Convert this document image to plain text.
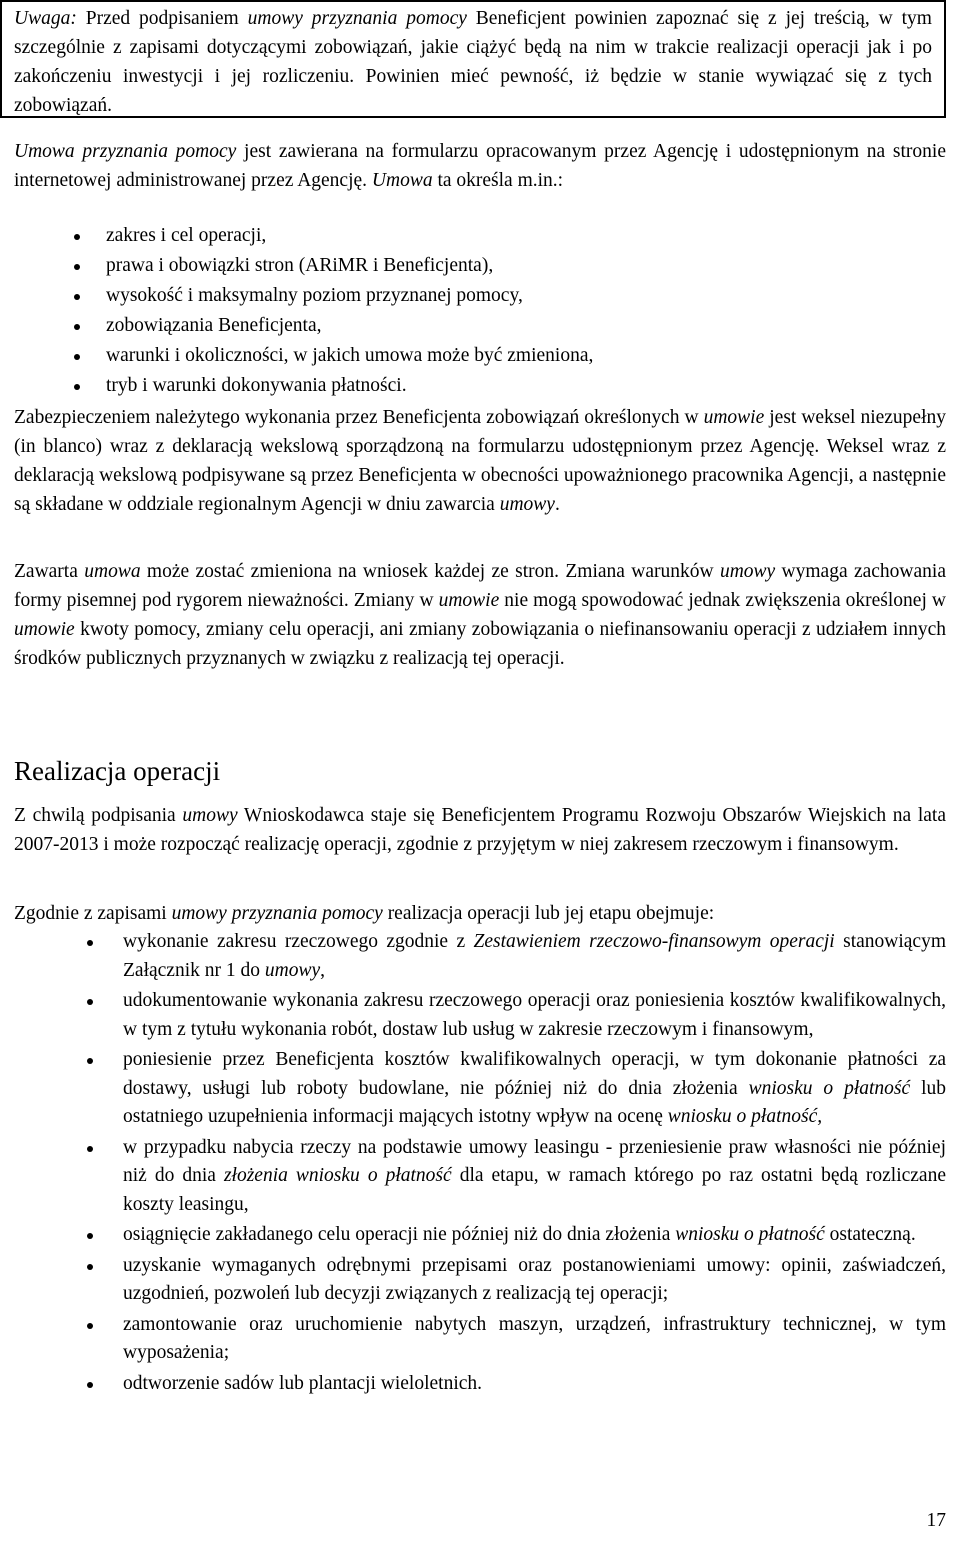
Uwaga: Przed podpisaniem umowy przyznania pomocy Beneficjent powinien zapoznać się z jej treścią, w tym szczególnie z zapisami dotyczącymi zobowiązań, jakie ciążyć będą na nim w trakcie realizacji operacji jak i po zakończeniu inwestycji i jej rozliczeniu. Powinien mieć pewność, iż będzie w stanie wywiązać się z tych zobowiązań.
Umowa przyznania pomocy jest zawierana na formularzu opracowanym przez Agencję i udostępnionym na stronie internetowej administrowanej przez Agencję. Umowa ta określa m.in.:
zakres i cel operacji,
prawa i obowiązki stron (ARiMR i Beneficjenta),
wysokość i maksymalny poziom przyznanej pomocy,
zobowiązania Beneficjenta,
warunki i okoliczności, w jakich umowa może być zmieniona,
tryb i warunki dokonywania płatności.
Zabezpieczeniem należytego wykonania przez Beneficjenta zobowiązań określonych w umowie jest weksel niezupełny (in blanco) wraz z deklaracją wekslową sporządzoną na formularzu udostępnionym przez Agencję. Weksel wraz z deklaracją wekslową podpisywane są przez Beneficjenta w obecności upoważnionego pracownika Agencji, a następnie są składane w oddziale regionalnym Agencji w dniu zawarcia umowy.
Zawarta umowa może zostać zmieniona na wniosek każdej ze stron. Zmiana warunków umowy wymaga zachowania formy pisemnej pod rygorem nieważności. Zmiany w umowie nie mogą spowodować jednak zwiększenia określonej w umowie kwoty pomocy, zmiany celu operacji, ani zmiany zobowiązania o niefinansowaniu operacji z udziałem innych środków publicznych przyznanych w związku z realizacją tej operacji.
Realizacja operacji
Z chwilą podpisania umowy Wnioskodawca staje się Beneficjentem Programu Rozwoju Obszarów Wiejskich na lata 2007-2013 i może rozpocząć realizację operacji, zgodnie z przyjętym w niej zakresem rzeczowym i finansowym.
Zgodnie z zapisami umowy przyznania pomocy realizacja operacji lub jej etapu obejmuje:
wykonanie zakresu rzeczowego zgodnie z Zestawieniem rzeczowo-finansowym operacji stanowiącym Załącznik nr 1 do umowy,
udokumentowanie wykonania zakresu rzeczowego operacji oraz poniesienia kosztów kwalifikowalnych, w tym z tytułu wykonania robót, dostaw lub usług w zakresie rzeczowym i finansowym,
poniesienie przez Beneficjenta kosztów kwalifikowalnych operacji, w tym dokonanie płatności za dostawy, usługi lub roboty budowlane, nie później niż do dnia złożenia wniosku o płatność lub ostatniego uzupełnienia informacji mających istotny wpływ na ocenę wniosku o płatność,
w przypadku nabycia rzeczy na podstawie umowy leasingu - przeniesienie praw własności nie później niż do dnia złożenia wniosku o płatność dla etapu, w ramach którego po raz ostatni będą rozliczane koszty leasingu,
osiągnięcie zakładanego celu operacji nie później niż do dnia złożenia wniosku o płatność ostateczną.
uzyskanie wymaganych odrębnymi przepisami oraz postanowieniami umowy: opinii, zaświadczeń, uzgodnień, pozwoleń lub decyzji związanych z realizacją tej operacji;
zamontowanie oraz uruchomienie nabytych maszyn, urządzeń, infrastruktury technicznej, w tym wyposażenia;
odtworzenie sadów lub plantacji wieloletnich.
17
